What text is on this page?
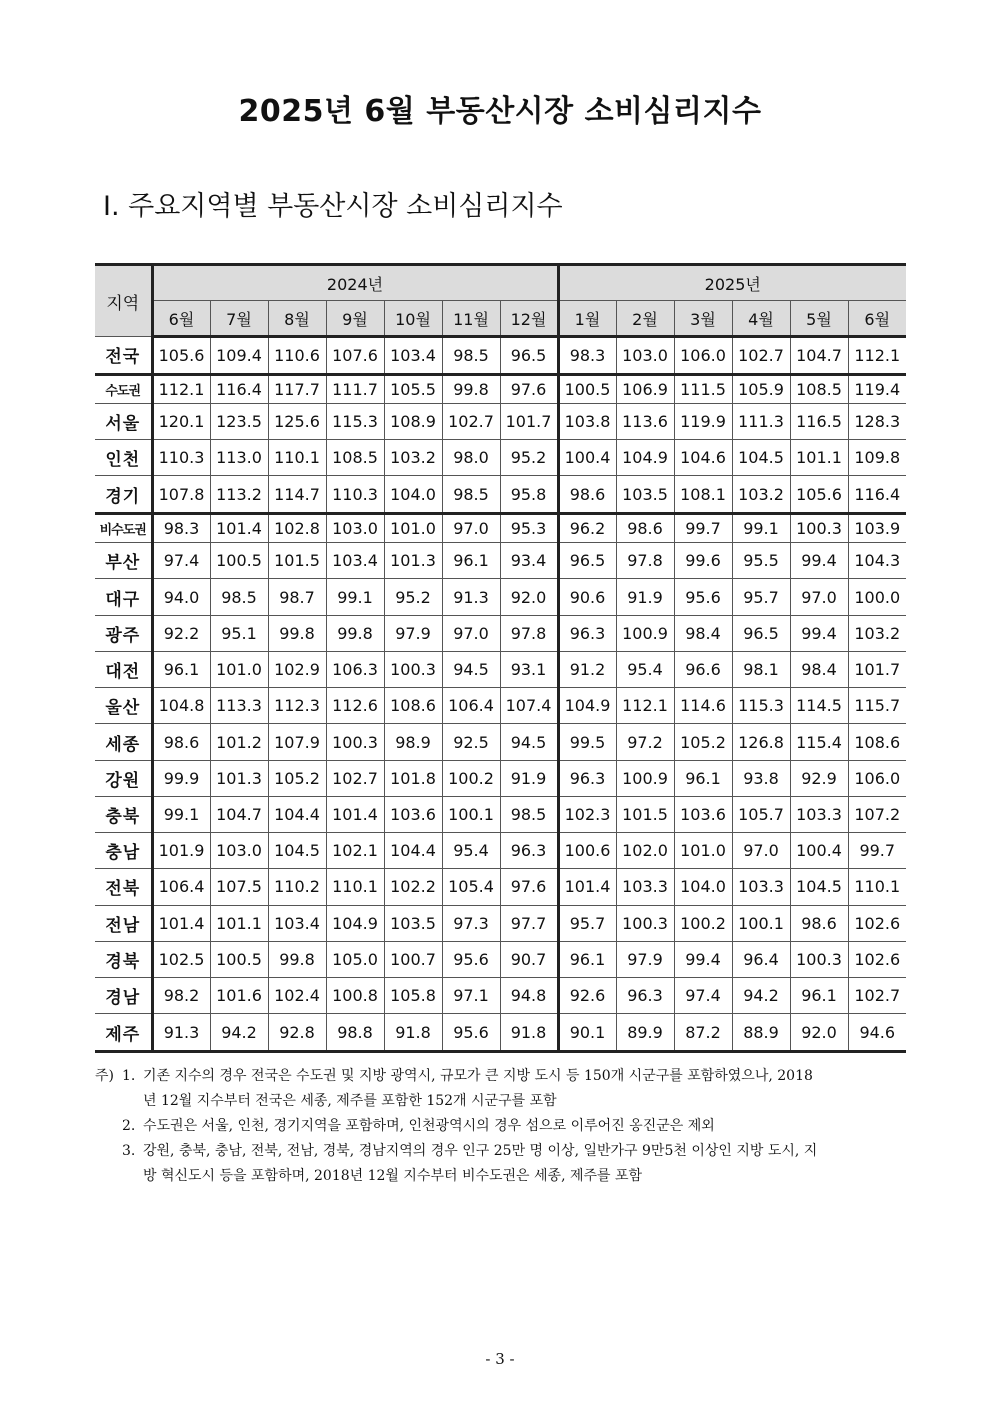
2025년 6월 부동산시장 소비심리지수
Ⅰ. 주요지역별 부동산시장 소비심리지수
지역	2024년							2025년					
	6월	7월	8월	9월	10월	11월	12월	1월	2월	3월	4월	5월	6월
전국	105.6	109.4	110.6	107.6	103.4	98.5	96.5	98.3	103.0	106.0	102.7	104.7	112.1
수도권	112.1	116.4	117.7	111.7	105.5	99.8	97.6	100.5	106.9	111.5	105.9	108.5	119.4
서울	120.1	123.5	125.6	115.3	108.9	102.7	101.7	103.8	113.6	119.9	111.3	116.5	128.3
인천	110.3	113.0	110.1	108.5	103.2	98.0	95.2	100.4	104.9	104.6	104.5	101.1	109.8
경기	107.8	113.2	114.7	110.3	104.0	98.5	95.8	98.6	103.5	108.1	103.2	105.6	116.4
비수도권	98.3	101.4	102.8	103.0	101.0	97.0	95.3	96.2	98.6	99.7	99.1	100.3	103.9
부산	97.4	100.5	101.5	103.4	101.3	96.1	93.4	96.5	97.8	99.6	95.5	99.4	104.3
대구	94.0	98.5	98.7	99.1	95.2	91.3	92.0	90.6	91.9	95.6	95.7	97.0	100.0
광주	92.2	95.1	99.8	99.8	97.9	97.0	97.8	96.3	100.9	98.4	96.5	99.4	103.2
대전	96.1	101.0	102.9	106.3	100.3	94.5	93.1	91.2	95.4	96.6	98.1	98.4	101.7
울산	104.8	113.3	112.3	112.6	108.6	106.4	107.4	104.9	112.1	114.6	115.3	114.5	115.7
세종	98.6	101.2	107.9	100.3	98.9	92.5	94.5	99.5	97.2	105.2	126.8	115.4	108.6
강원	99.9	101.3	105.2	102.7	101.8	100.2	91.9	96.3	100.9	96.1	93.8	92.9	106.0
충북	99.1	104.7	104.4	101.4	103.6	100.1	98.5	102.3	101.5	103.6	105.7	103.3	107.2
충남	101.9	103.0	104.5	102.1	104.4	95.4	96.3	100.6	102.0	101.0	97.0	100.4	99.7
전북	106.4	107.5	110.2	110.1	102.2	105.4	97.6	101.4	103.3	104.0	103.3	104.5	110.1
전남	101.4	101.1	103.4	104.9	103.5	97.3	97.7	95.7	100.3	100.2	100.1	98.6	102.6
경북	102.5	100.5	99.8	105.0	100.7	95.6	90.7	96.1	97.9	99.4	96.4	100.3	102.6
경남	98.2	101.6	102.4	100.8	105.8	97.1	94.8	92.6	96.3	97.4	94.2	96.1	102.7
제주	91.3	94.2	92.8	98.8	91.8	95.6	91.8	90.1	89.9	87.2	88.9	92.0	94.6
주) 1. 기존 지수의 경우 전국은 수도권 및 지방 광역시, 규모가 큰 지방 도시 등 150개 시군구를 포함하였으나, 2018
년 12월 지수부터 전국은 세종, 제주를 포함한 152개 시군구를 포함
2. 수도권은 서울, 인천, 경기지역을 포함하며, 인천광역시의 경우 섬으로 이루어진 옹진군은 제외
3. 강원, 충북, 충남, 전북, 전남, 경북, 경남지역의 경우 인구 25만 명 이상, 일반가구 9만5천 이상인 지방 도시, 지
방 혁신도시 등을 포함하며, 2018년 12월 지수부터 비수도권은 세종, 제주를 포함
- 3 -
